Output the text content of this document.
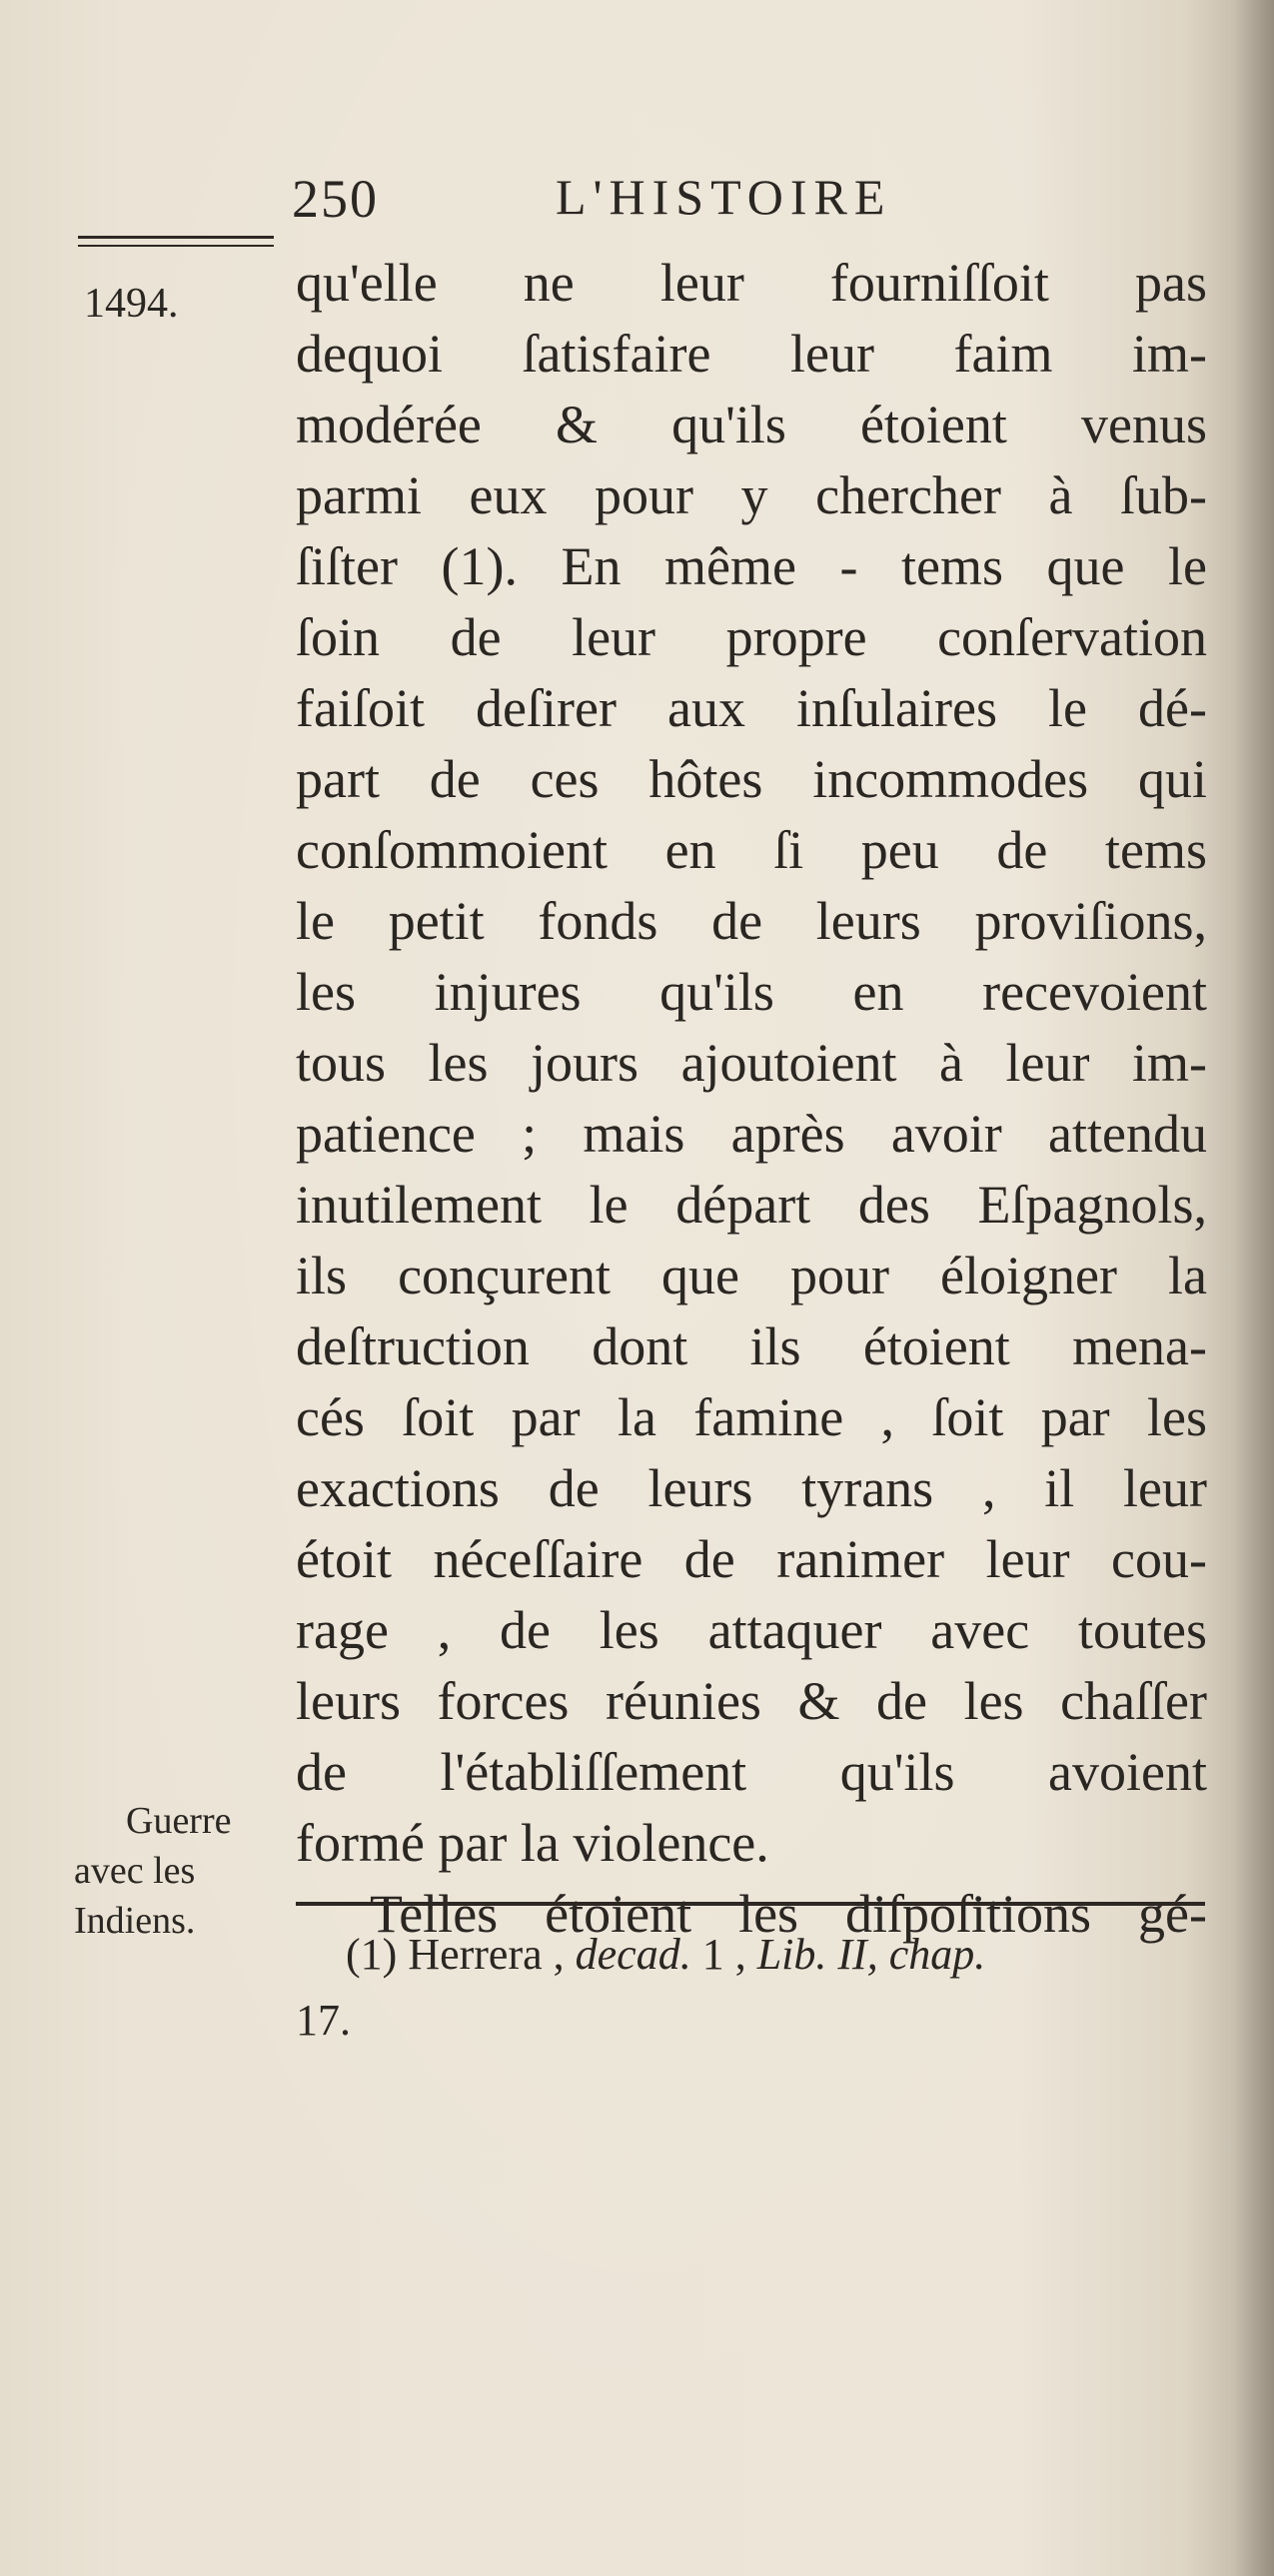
250	L'HISTOIRE
1494. qu'elle ne leur fourniſſoit pas
dequoi ſatisfaire leur faim im-
modérée & qu'ils étoient venus
parmi eux pour y chercher à ſub-
ſiſter (1). En même - tems que le
ſoin de leur propre conſervation
faiſoit deſirer aux inſulaires le dé-
part de ces hôtes incommodes qui
conſommoient en ſi peu de tems
le petit fonds de leurs proviſions,
les injures qu'ils en recevoient
tous les jours ajoutoient à leur im-
patience ; mais après avoir attendu
inutilement le départ des Eſpagnols,
ils conçurent que pour éloigner la
deſtruction dont ils étoient mena-
cés ſoit par la famine , ſoit par les
exactions de leurs tyrans , il leur
étoit néceſſaire de ranimer leur cou-
rage , de les attaquer avec toutes
leurs forces réunies & de les chaſſer
de l'établiſſement qu'ils avoient
formé par la violence.
Telles étoient les diſpoſitions gé-
Guerre
avec les
Indiens.
(1) Herrera , decad. 1 , Lib. II, chap.
17.
